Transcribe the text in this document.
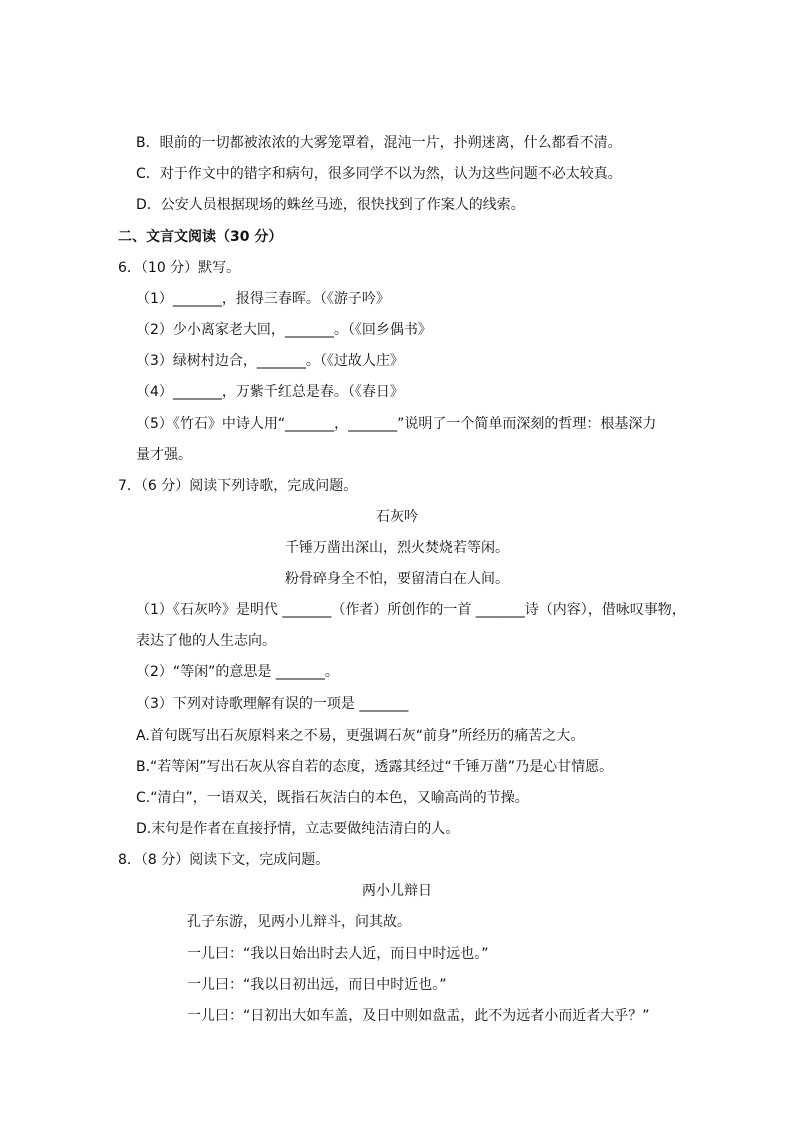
B．眼前的一切都被浓浓的大雾笼罩着，混沌一片，扑朔迷离，什么都看不清。
C．对于作文中的错字和病句，很多同学不以为然，认为这些问题不必太较真。
D．公安人员根据现场的蛛丝马迹，很快找到了作案人的线索。
二、文言文阅读（30 分）
6．（10 分）默写。
（1）_______，报得三春晖。（《游子吟》
（2）少小离家老大回，_______。（《回乡偶书》
（3）绿树村边合，_______。（《过故人庄》
（4）_______，万紫千红总是春。（《春日》
（5）《竹石》中诗人用“_______，_______”说明了一个简单而深刻的哲理：根基深力
量才强。
7．（6 分）阅读下列诗歌，完成问题。
石灰吟
千锤万凿出深山，烈火焚烧若等闲。
粉骨碎身全不怕，要留清白在人间。
（1）《石灰吟》是明代 _______（作者）所创作的一首 _______诗（内容），借咏叹事物，
表达了他的人生志向。
（2）“等闲”的意思是 _______。
（3）下列对诗歌理解有误的一项是 _______
A.首句既写出石灰原料来之不易，更强调石灰“前身”所经历的痛苦之大。
B.“若等闲”写出石灰从容自若的态度，透露其经过“千锤万凿”乃是心甘情愿。
C.“清白”，一语双关，既指石灰洁白的本色，又喻高尚的节操。
D.末句是作者在直接抒情，立志要做纯洁清白的人。
8．（8 分）阅读下文，完成问题。
两小儿辩日
孔子东游，见两小儿辩斗，问其故。
一儿曰：“我以日始出时去人近，而日中时远也。”
一儿曰：“我以日初出远，而日中时近也。”
一儿曰：“日初出大如车盖，及日中则如盘盂，此不为远者小而近者大乎？”
